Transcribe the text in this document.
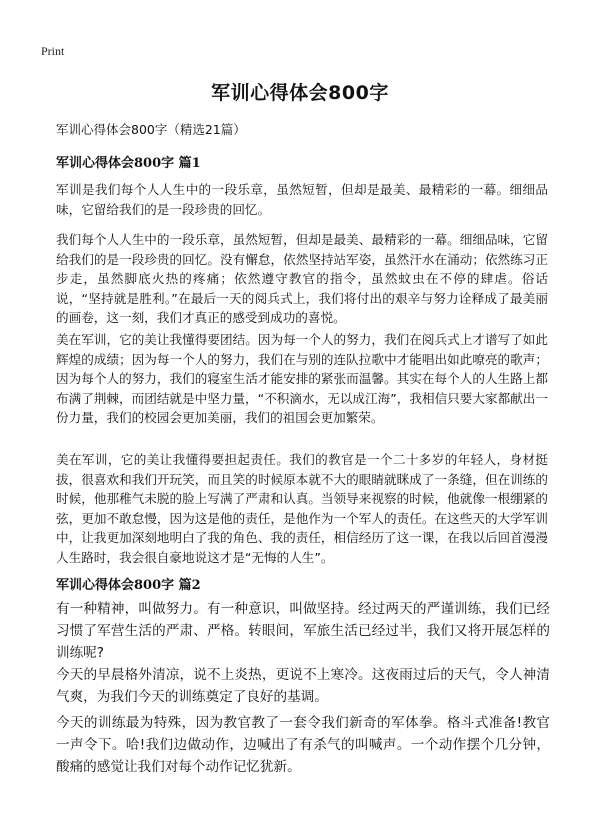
Print
军训心得体会800字

军训心得体会800字（精选21篇）

军训心得体会800字 篇1

军训是我们每个人人生中的一段乐章，虽然短暂，但却是最美、最精彩的一幕。细细品味，它留给我们的是一段珍贵的回忆。

我们每个人人生中的一段乐章，虽然短暂，但却是最美、最精彩的一幕。细细品味，它留给我们的是一段珍贵的回忆。没有懈怠，依然坚持站军姿，虽然汗水在涌动；依然练习正步走，虽然脚底火热的疼痛；依然遵守教官的指令，虽然蚊虫在不停的肆虐。俗话说，“坚持就是胜利。”在最后一天的阅兵式上，我们将付出的艰辛与努力诠释成了最美丽的画卷，这一刻，我们才真正的感受到成功的喜悦。

美在军训，它的美让我懂得要团结。因为每一个人的努力，我们在阅兵式上才谱写了如此辉煌的成绩；因为每一个人的努力，我们在与别的连队拉歌中才能唱出如此嘹亮的歌声；因为每个人的努力，我们的寝室生活才能安排的紧张而温馨。其实在每个人的人生路上都布满了荆棘，而团结就是中坚力量，“不积滴水，无以成江海”，我相信只要大家都献出一份力量，我们的校园会更加美丽，我们的祖国会更加繁荣。

美在军训，它的美让我懂得要担起责任。我们的教官是一个二十多岁的年轻人，身材挺拔，很喜欢和我们开玩笑，而且笑的时候原本就不大的眼睛就眯成了一条缝，但在训练的时候，他那稚气未脱的脸上写满了严肃和认真。当领导来视察的时候，他就像一根绷紧的弦，更加不敢怠慢，因为这是他的责任，是他作为一个军人的责任。在这些天的大学军训中，让我更加深刻地明白了我的角色、我的责任，相信经历了这一课，在我以后回首漫漫人生路时，我会很自豪地说这才是“无悔的人生”。

军训心得体会800字 篇2

有一种精神，叫做努力。有一种意识，叫做坚持。经过两天的严谨训练，我们已经习惯了军营生活的严肃、严格。转眼间，军旅生活已经过半，我们又将开展怎样的训练呢?

今天的早晨格外清凉，说不上炎热，更说不上寒冷。这夜雨过后的天气，令人神清气爽，为我们今天的训练奠定了良好的基调。

今天的训练最为特殊，因为教官教了一套令我们新奇的军体拳。格斗式准备!教官一声令下。哈!我们边做动作，边喊出了有杀气的叫喊声。一个动作摆个几分钟，酸痛的感觉让我们对每个动作记忆犹新。
